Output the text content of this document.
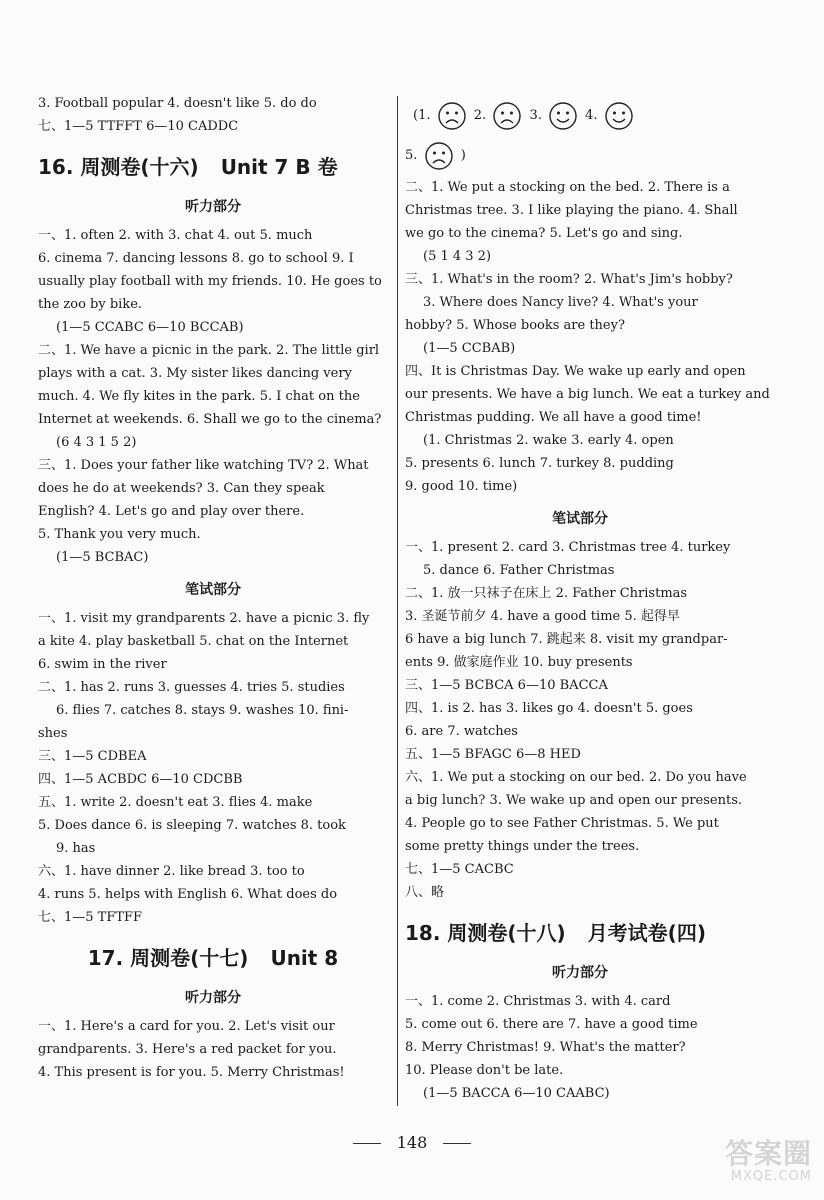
3. Football popular 4. doesn't like 5. do do
七、1—5 TTFFT 6—10 CADDC
16. 周测卷(十六) Unit 7 B 卷
听力部分
一、1. often 2. with 3. chat 4. out 5. much
6. cinema 7. dancing lessons 8. go to school 9. I
usually play football with my friends. 10. He goes to
the zoo by bike.
(1—5 CCABC 6—10 BCCAB)
二、1. We have a picnic in the park. 2. The little girl
plays with a cat. 3. My sister likes dancing very
much. 4. We fly kites in the park. 5. I chat on the
Internet at weekends. 6. Shall we go to the cinema?
(6 4 3 1 5 2)
三、1. Does your father like watching TV? 2. What
does he do at weekends? 3. Can they speak
English? 4. Let's go and play over there.
5. Thank you very much.
(1—5 BCBAC)
笔试部分
一、1. visit my grandparents 2. have a picnic 3. fly
a kite 4. play basketball 5. chat on the Internet
6. swim in the river
二、1. has 2. runs 3. guesses 4. tries 5. studies
6. flies 7. catches 8. stays 9. washes 10. fini-
shes
三、1—5 CDBEA
四、1—5 ACBDC 6—10 CDCBB
五、1. write 2. doesn't eat 3. flies 4. make
5. Does dance 6. is sleeping 7. watches 8. took
9. has
六、1. have dinner 2. like bread 3. too to
4. runs 5. helps with English 6. What does do
七、1—5 TFTFF
17. 周测卷(十七) Unit 8
听力部分
一、1. Here's a card for you. 2. Let's visit our
grandparents. 3. Here's a red packet for you.
4. This present is for you. 5. Merry Christmas!
(1.	2.	3.	4.
5.	)
二、1. We put a stocking on the bed. 2. There is a
Christmas tree. 3. I like playing the piano. 4. Shall
we go to the cinema? 5. Let's go and sing.
(5 1 4 3 2)
三、1. What's in the room? 2. What's Jim's hobby?
3. Where does Nancy live? 4. What's your
hobby? 5. Whose books are they?
(1—5 CCBAB)
四、It is Christmas Day. We wake up early and open
our presents. We have a big lunch. We eat a turkey and
Christmas pudding. We all have a good time!
(1. Christmas 2. wake 3. early 4. open
5. presents 6. lunch 7. turkey 8. pudding
9. good 10. time)
笔试部分
一、1. present 2. card 3. Christmas tree 4. turkey
5. dance 6. Father Christmas
二、1. 放一只袜子在床上 2. Father Christmas
3. 圣诞节前夕 4. have a good time 5. 起得早
6 have a big lunch 7. 跳起来 8. visit my grandpar-
ents 9. 做家庭作业 10. buy presents
三、1—5 BCBCA 6—10 BACCA
四、1. is 2. has 3. likes go 4. doesn't 5. goes
6. are 7. watches
五、1—5 BFAGC 6—8 HED
六、1. We put a stocking on our bed. 2. Do you have
a big lunch? 3. We wake up and open our presents.
4. People go to see Father Christmas. 5. We put
some pretty things under the trees.
七、1—5 CACBC
八、略
18. 周测卷(十八) 月考试卷(四)
听力部分
一、1. come 2. Christmas 3. with 4. card
5. come out 6. there are 7. have a good time
8. Merry Christmas! 9. What's the matter?
10. Please don't be late.
(1—5 BACCA 6—10 CAABC)
148	答案圈
MXQE.COM
